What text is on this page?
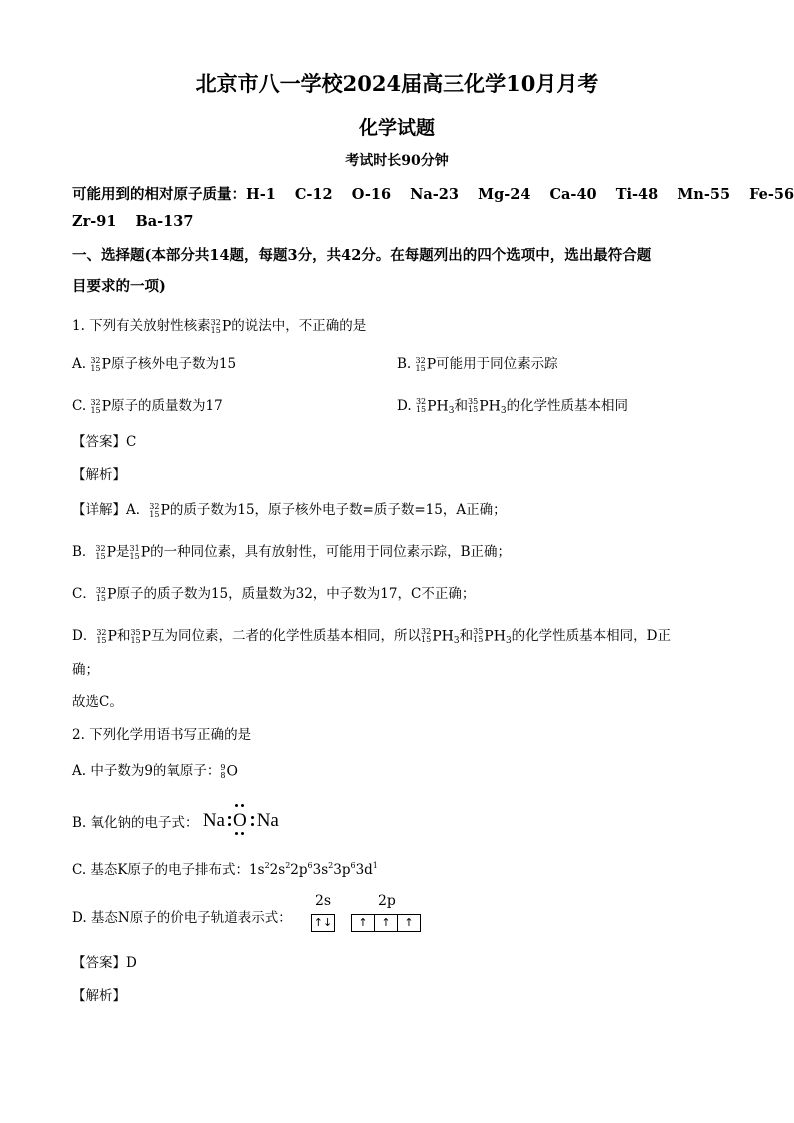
北京市八一学校2024届高三化学10月月考
化学试题
考试时长90分钟
可能用到的相对原子质量：H-1 C-12 O-16 Na-23 Mg-24 Ca-40 Ti-48 Mn-55 Fe-56
Zr-91 Ba-137
一、选择题(本部分共14题，每题3分，共42分。在每题列出的四个选项中，选出最符合题
目要求的一项)
1. 下列有关放射性核素 32
15 P的说法中，不正确的是
A. 32
15 P原子核外电子数为15	B. 32
15 P可能用于同位素示踪
C. 32
15 P原子的质量数为17	D. 32
15 $PH_3$和 35
15 $PH_3$的化学性质基本相同
【答案】C
【解析】
【详解】A． 32
15 P的质子数为15，原子核外电子数=质子数=15，A正确；
B． 32
15 P是 31
15 P的一种同位素，具有放射性，可能用于同位素示踪，B正确；
C． 32
15 P原子的质子数为15，质量数为32，中子数为17，C不正确；
D． 32
15 P和 35
15 P互为同位素，二者的化学性质基本相同，所以 32
15 $PH_3$和 35
15 $PH_3$的化学性质基本相同，D正
确；
故选C。
2. 下列化学用语书写正确的是
A. 中子数为9的氧原子： 9
8 O
B. 氧化钠的电子式： Na O Na
C. 基态K原子的电子排布式：$1s^22s^22p^63s^23p^63d^1$
D. 基态N原子的价电子轨道表示式：
2s	2p
↑↓	↑	↑	↑
【答案】D
【解析】
